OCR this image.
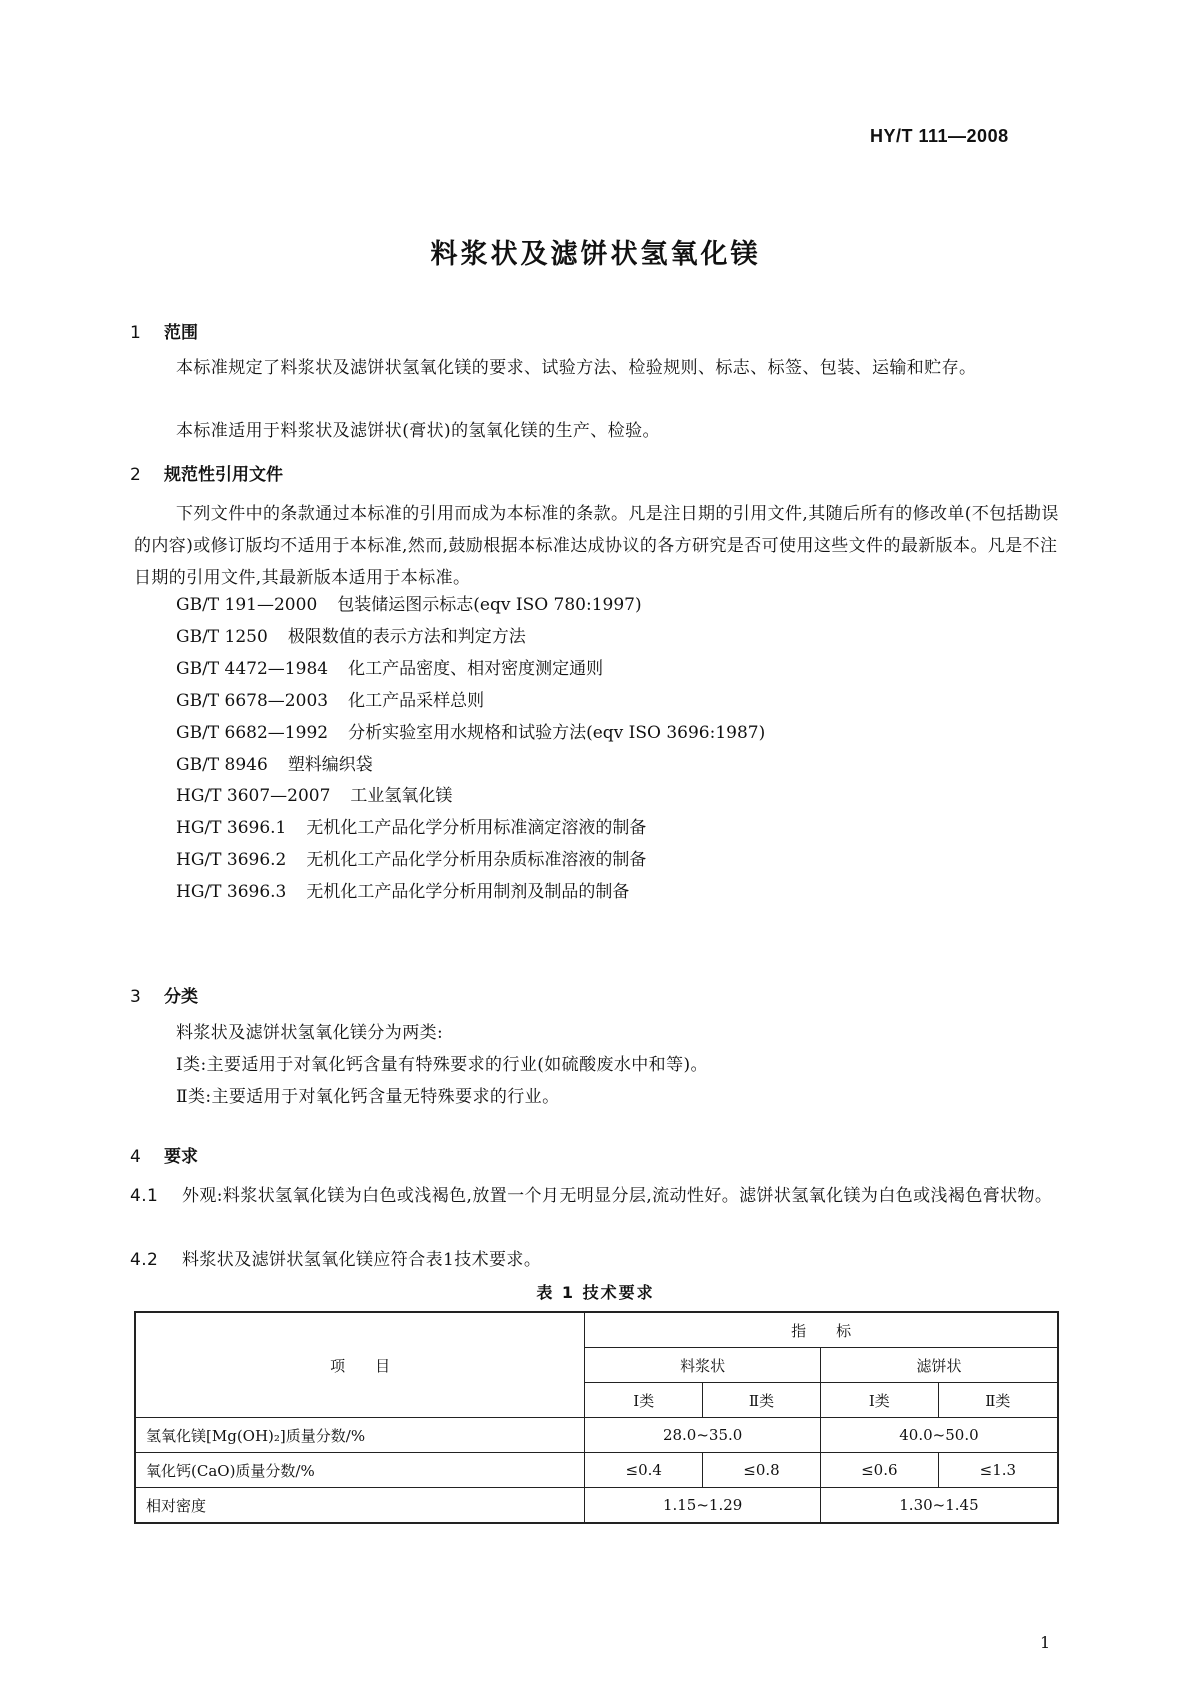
HY/T 111—2008
料浆状及滤饼状氢氧化镁
1 范围
本标准规定了料浆状及滤饼状氢氧化镁的要求、试验方法、检验规则、标志、标签、包装、运输和贮存。
本标准适用于料浆状及滤饼状(膏状)的氢氧化镁的生产、检验。
2 规范性引用文件
下列文件中的条款通过本标准的引用而成为本标准的条款。凡是注日期的引用文件,其随后所有的修改单(不包括勘误的内容)或修订版均不适用于本标准,然而,鼓励根据本标准达成协议的各方研究是否可使用这些文件的最新版本。凡是不注日期的引用文件,其最新版本适用于本标准。
GB/T 191—2000 包装储运图示标志(eqv ISO 780:1997)
GB/T 1250 极限数值的表示方法和判定方法
GB/T 4472—1984 化工产品密度、相对密度测定通则
GB/T 6678—2003 化工产品采样总则
GB/T 6682—1992 分析实验室用水规格和试验方法(eqv ISO 3696:1987)
GB/T 8946 塑料编织袋
HG/T 3607—2007 工业氢氧化镁
HG/T 3696.1 无机化工产品化学分析用标准滴定溶液的制备
HG/T 3696.2 无机化工产品化学分析用杂质标准溶液的制备
HG/T 3696.3 无机化工产品化学分析用制剂及制品的制备
3 分类
料浆状及滤饼状氢氧化镁分为两类:
Ⅰ类:主要适用于对氧化钙含量有特殊要求的行业(如硫酸废水中和等)。
Ⅱ类:主要适用于对氧化钙含量无特殊要求的行业。
4 要求
4.1 外观:料浆状氢氧化镁为白色或浅褐色,放置一个月无明显分层,流动性好。滤饼状氢氧化镁为白色或浅褐色膏状物。
4.2 料浆状及滤饼状氢氧化镁应符合表1技术要求。
表 1 技术要求
项　　目	指　　标			
	料浆状		滤饼状	
	Ⅰ类	Ⅱ类	Ⅰ类	Ⅱ类
氢氧化镁[Mg(OH)₂]质量分数/%	28.0~35.0		40.0~50.0	
氧化钙(CaO)质量分数/%	≤0.4	≤0.8	≤0.6	≤1.3
相对密度	1.15~1.29		1.30~1.45	
1
